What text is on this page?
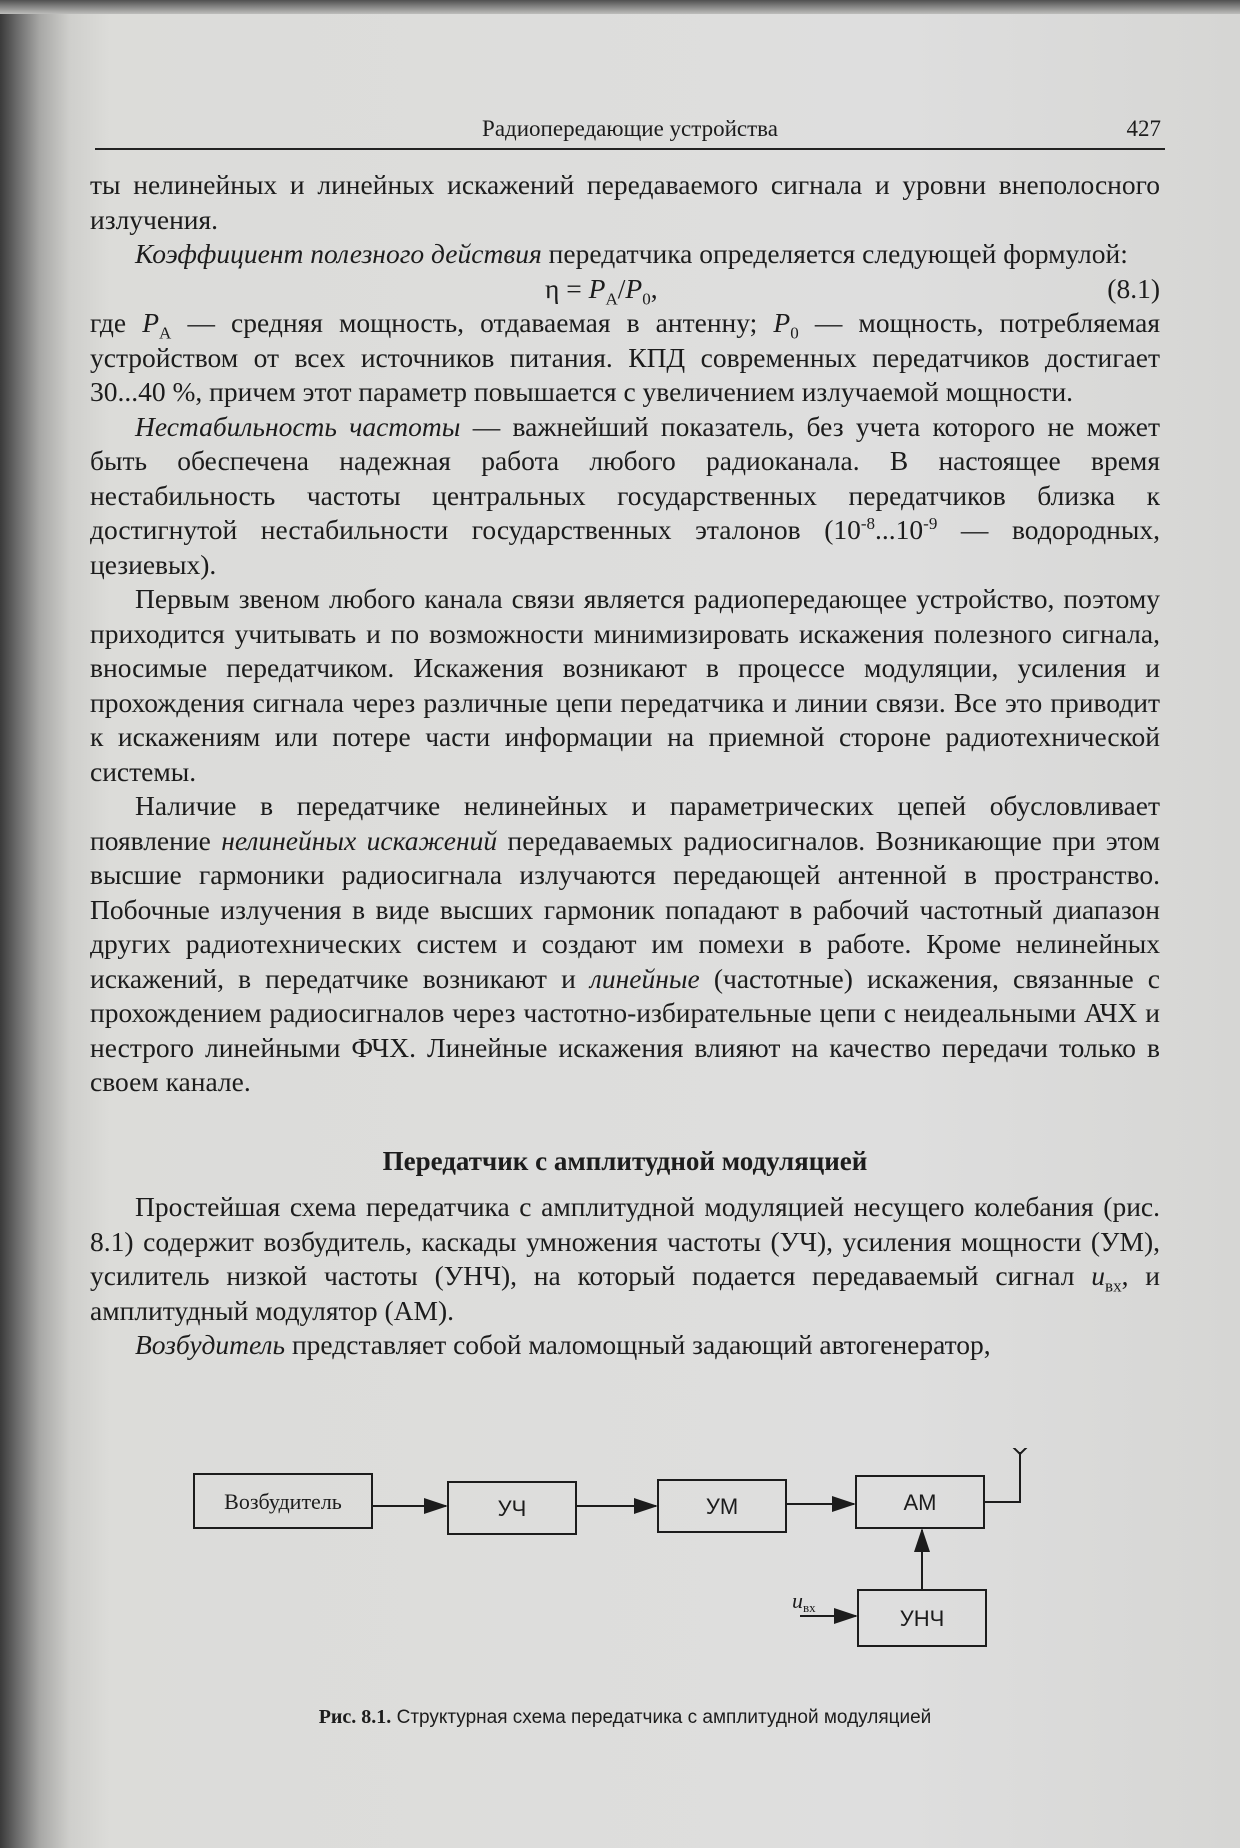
Радиопередающие устройства	427

ты нелинейных и линейных искажений передаваемого сигнала и уровни внеполосного излучения.

Коэффициент полезного действия передатчика определяется следующей формулой:

$\eta = P_A/P_0$,	(8.1)

где $P_A$ — средняя мощность, отдаваемая в антенну; $P_0$ — мощность, потребляемая устройством от всех источников питания. КПД современных передатчиков достигает 30...40 %, причем этот параметр повышается с увеличением излучаемой мощности.

Нестабильность частоты — важнейший показатель, без учета которого не может быть обеспечена надежная работа любого радиоканала. В настоящее время нестабильность частоты центральных государственных передатчиков близка к достигнутой нестабильности государственных эталонов ($10^{-8}...10^{-9}$ — водородных, цезиевых).

Первым звеном любого канала связи является радиопередающее устройство, поэтому приходится учитывать и по возможности минимизировать искажения полезного сигнала, вносимые передатчиком. Искажения возникают в процессе модуляции, усиления и прохождения сигнала через различные цепи передатчика и линии связи. Все это приводит к искажениям или потере части информации на приемной стороне радиотехнической системы.

Наличие в передатчике нелинейных и параметрических цепей обусловливает появление нелинейных искажений передаваемых радиосигналов. Возникающие при этом высшие гармоники радиосигнала излучаются передающей антенной в пространство. Побочные излучения в виде высших гармоник попадают в рабочий частотный диапазон других радиотехнических систем и создают им помехи в работе. Кроме нелинейных искажений, в передатчике возникают и линейные (частотные) искажения, связанные с прохождением радиосигналов через частотно-избирательные цепи с неидеальными АЧХ и нестрого линейными ФЧХ. Линейные искажения влияют на качество передачи только в своем канале.

Передатчик с амплитудной модуляцией

Простейшая схема передатчика с амплитудной модуляцией несущего колебания (рис. 8.1) содержит возбудитель, каскады умножения частоты (УЧ), усиления мощности (УМ), усилитель низкой частоты (УНЧ), на который подается передаваемый сигнал $u_{вх}$, и амплитудный модулятор (АМ).

Возбудитель представляет собой маломощный задающий автогенератор,

Возбудитель	УЧ	УМ	АМ
УНЧ
uвх
Рис. 8.1. Структурная схема передатчика с амплитудной модуляцией
